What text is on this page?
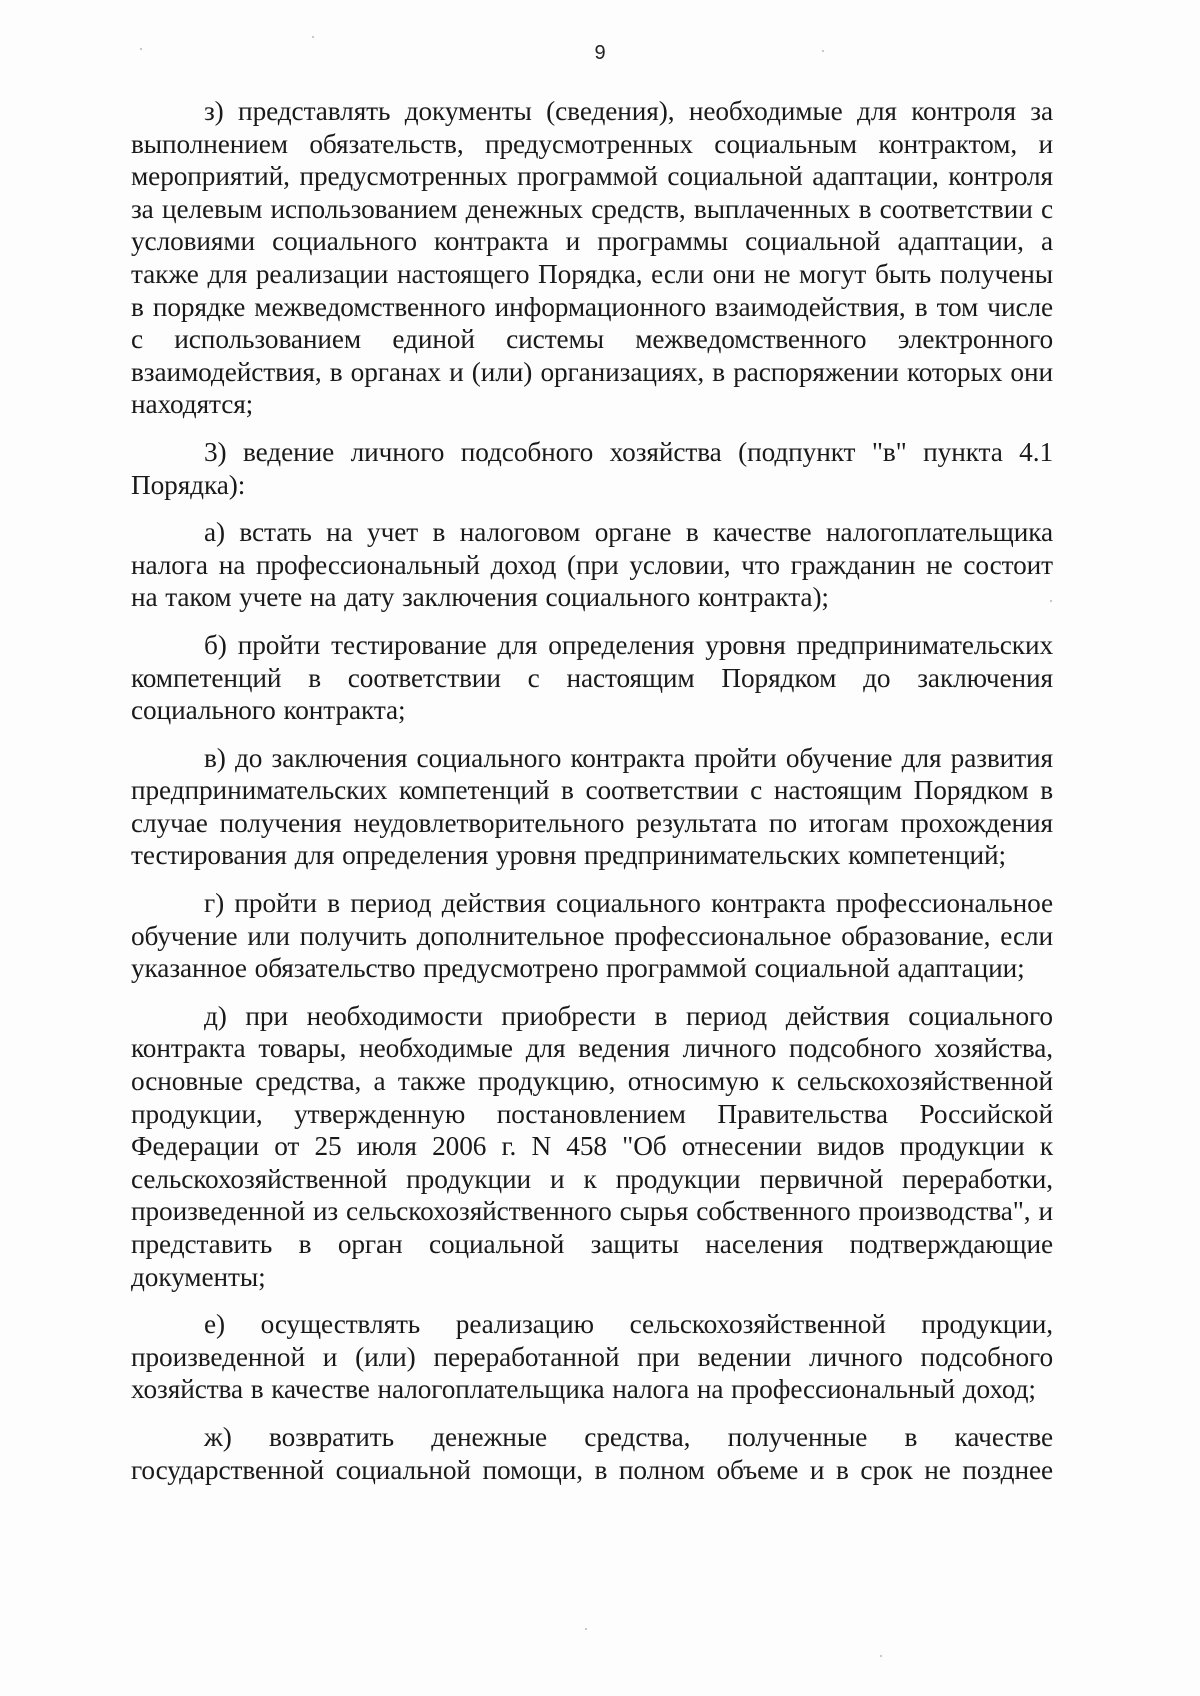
9

з) представлять документы (сведения), необходимые для контроля за выполнением обязательств, предусмотренных социальным контрактом, и мероприятий, предусмотренных программой социальной адаптации, контроля за целевым использованием денежных средств, выплаченных в соответствии с условиями социального контракта и программы социальной адаптации, а также для реализации настоящего Порядка, если они не могут быть получены в порядке межведомственного информационного взаимодействия, в том числе с использованием единой системы межведомственного электронного взаимодействия, в органах и (или) организациях, в распоряжении которых они находятся;

3) ведение личного подсобного хозяйства (подпункт "в" пункта 4.1 Порядка):

а) встать на учет в налоговом органе в качестве налогоплательщика налога на профессиональный доход (при условии, что гражданин не состоит на таком учете на дату заключения социального контракта);

б) пройти тестирование для определения уровня предпринимательских компетенций в соответствии с настоящим Порядком до заключения социального контракта;

в) до заключения социального контракта пройти обучение для развития предпринимательских компетенций в соответствии с настоящим Порядком в случае получения неудовлетворительного результата по итогам прохождения тестирования для определения уровня предпринимательских компетенций;

г) пройти в период действия социального контракта профессиональное обучение или получить дополнительное профессиональное образование, если указанное обязательство предусмотрено программой социальной адаптации;

д) при необходимости приобрести в период действия социального контракта товары, необходимые для ведения личного подсобного хозяйства, основные средства, а также продукцию, относимую к сельскохозяйственной продукции, утвержденную постановлением Правительства Российской Федерации от 25 июля 2006 г. N 458 "Об отнесении видов продукции к сельскохозяйственной продукции и к продукции первичной переработки, произведенной из сельскохозяйственного сырья собственного производства", и представить в орган социальной защиты населения подтверждающие документы;

е) осуществлять реализацию сельскохозяйственной продукции, произведенной и (или) переработанной при ведении личного подсобного хозяйства в качестве налогоплательщика налога на профессиональный доход;

ж) возвратить денежные средства, полученные в качестве государственной социальной помощи, в полном объеме и в срок не позднее
